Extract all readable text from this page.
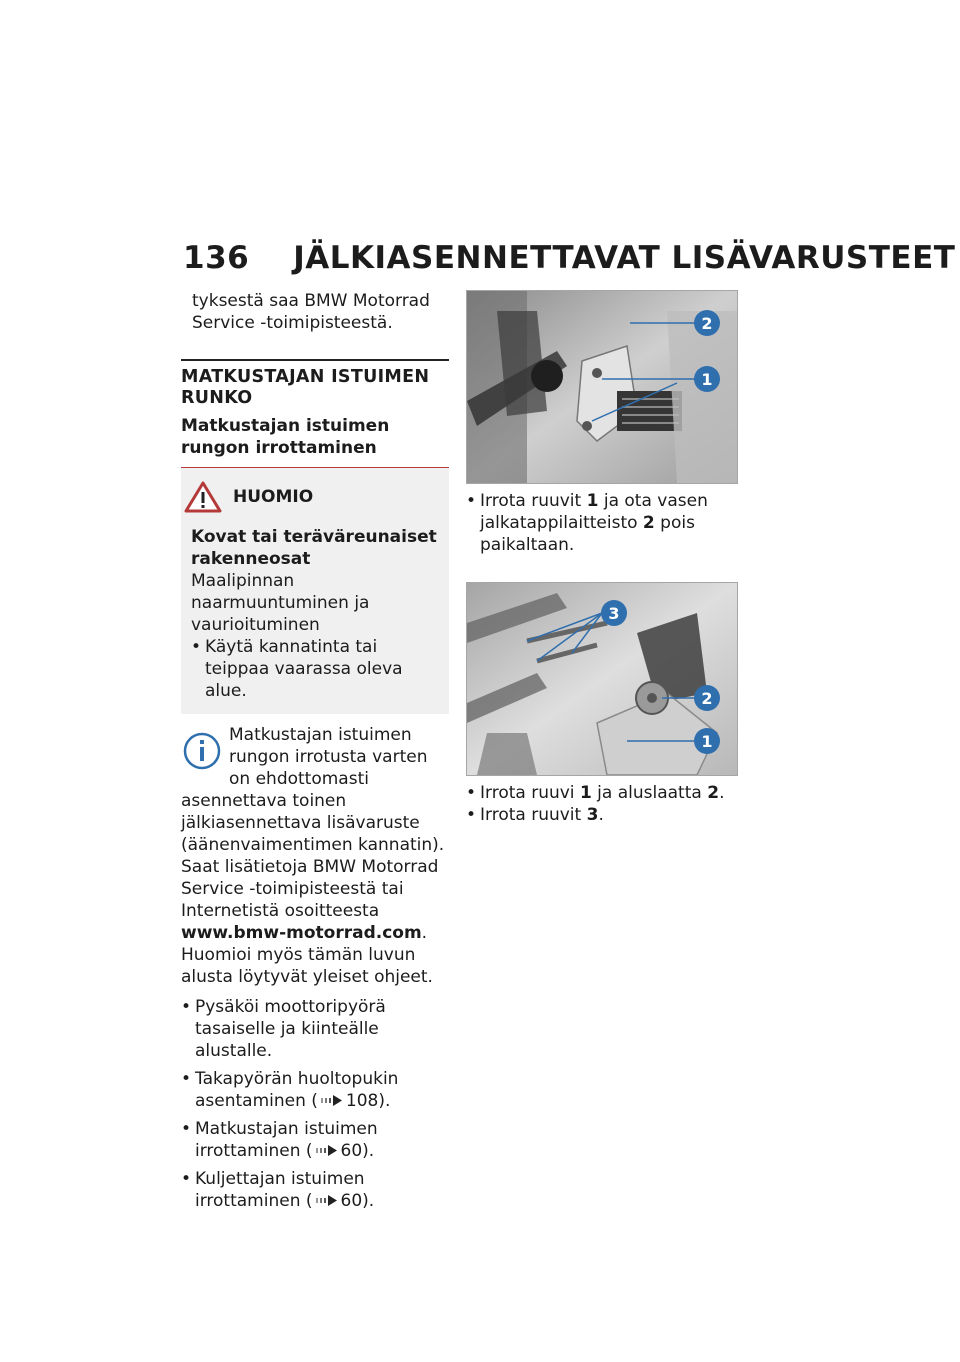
136 JÄLKIASENNETTAVAT LISÄVARUSTEET

tyksestä saa BMW Motorrad

Service -toimipisteestä.

MATKUSTAJAN ISTUIMEN RUNKO
Matkustajan istuimen rungon irrottaminen
HUOMIO

Kovat tai teräväreunaiset rakenneosat

Maalipinnan naarmuuntuminen ja vaurioituminen

• Käytä kannatinta tai teippaa vaarassa oleva alue.
Matkustajan istuimen rungon irrotusta varten on ehdottomasti asennettava toinen jälkiasennettava lisävaruste (äänenvaimentimen kannatin). Saat lisätietoja BMW Motorrad Service -toimipisteestä tai Internetistä osoitteesta www.bmw-motorrad.com.

Huomioi myös tämän luvun alusta löytyvät yleiset ohjeet.

• Pysäköi moottoripyörä tasaiselle ja kiinteälle alustalle.
• Takapyörän huoltopukin asentaminen ( 108).
• Matkustajan istuimen irrottaminen ( 60).
• Kuljettajan istuimen irrottaminen ( 60).
2
1
• Irrota ruuvit 1 ja ota vasen jalkatappilaitteisto 2 pois paikaltaan.
3
2
1
• Irrota ruuvi 1 ja aluslaatta 2.
• Irrota ruuvit 3.
